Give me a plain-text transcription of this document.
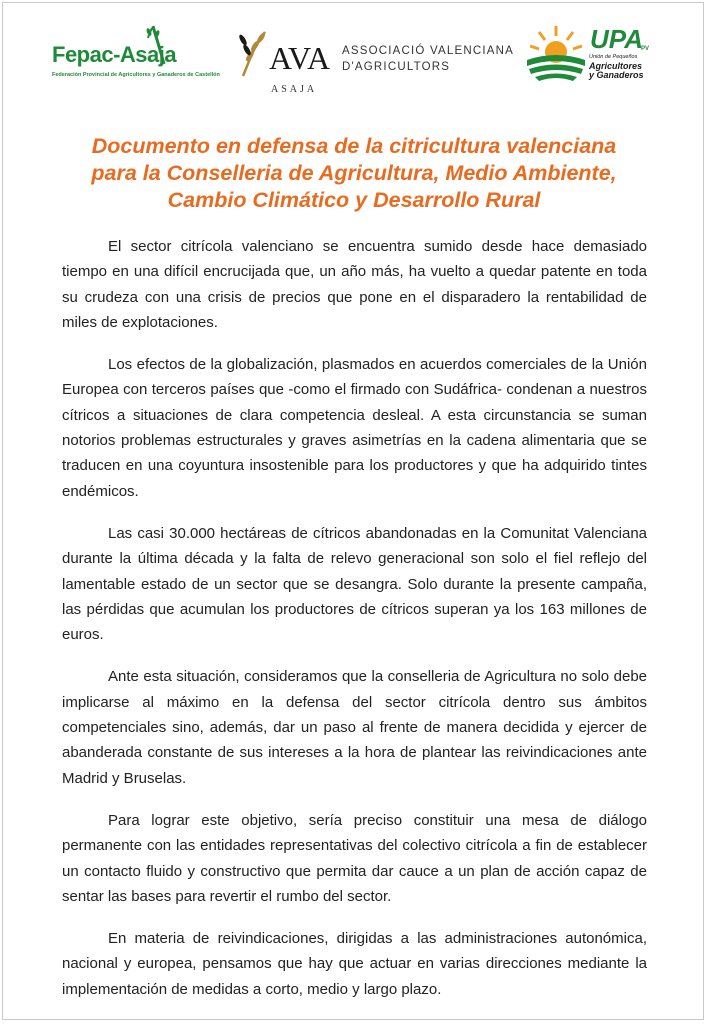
Fepac-Asaja
Federación Provincial de Agricultores y Ganaderos de Castellón AVA
ASAJA
ASSOCIACIÓ VALENCIANA
D'AGRICULTORS
UPA
PV
Unión de Pequeños
Agricultores
y Ganaderos
Documento en defensa de la citricultura valenciana
para la Conselleria de Agricultura, Medio Ambiente,
Cambio Climático y Desarrollo Rural

El sector citrícola valenciano se encuentra sumido desde hace demasiado tiempo en una difícil encrucijada que, un año más, ha vuelto a quedar patente en toda su crudeza con una crisis de precios que pone en el disparadero la rentabilidad de miles de explotaciones.

Los efectos de la globalización, plasmados en acuerdos comerciales de la Unión Europea con terceros países que -como el firmado con Sudáfrica- condenan a nuestros cítricos a situaciones de clara competencia desleal. A esta circunstancia se suman notorios problemas estructurales y graves asimetrías en la cadena alimentaria que se traducen en una coyuntura insostenible para los productores y que ha adquirido tintes endémicos.

Las casi 30.000 hectáreas de cítricos abandonadas en la Comunitat Valenciana durante la última década y la falta de relevo generacional son solo el fiel reflejo del lamentable estado de un sector que se desangra. Solo durante la presente campaña, las pérdidas que acumulan los productores de cítricos superan ya los 163 millones de euros.

Ante esta situación, consideramos que la conselleria de Agricultura no solo debe implicarse al máximo en la defensa del sector citrícola dentro sus ámbitos competenciales sino, además, dar un paso al frente de manera decidida y ejercer de abanderada constante de sus intereses a la hora de plantear las reivindicaciones ante Madrid y Bruselas.

Para lograr este objetivo, sería preciso constituir una mesa de diálogo permanente con las entidades representativas del colectivo citrícola a fin de establecer un contacto fluido y constructivo que permita dar cauce a un plan de acción capaz de sentar las bases para revertir el rumbo del sector.

En materia de reivindicaciones, dirigidas a las administraciones autonómica, nacional y europea, pensamos que hay que actuar en varias direcciones mediante la implementación de medidas a corto, medio y largo plazo.
